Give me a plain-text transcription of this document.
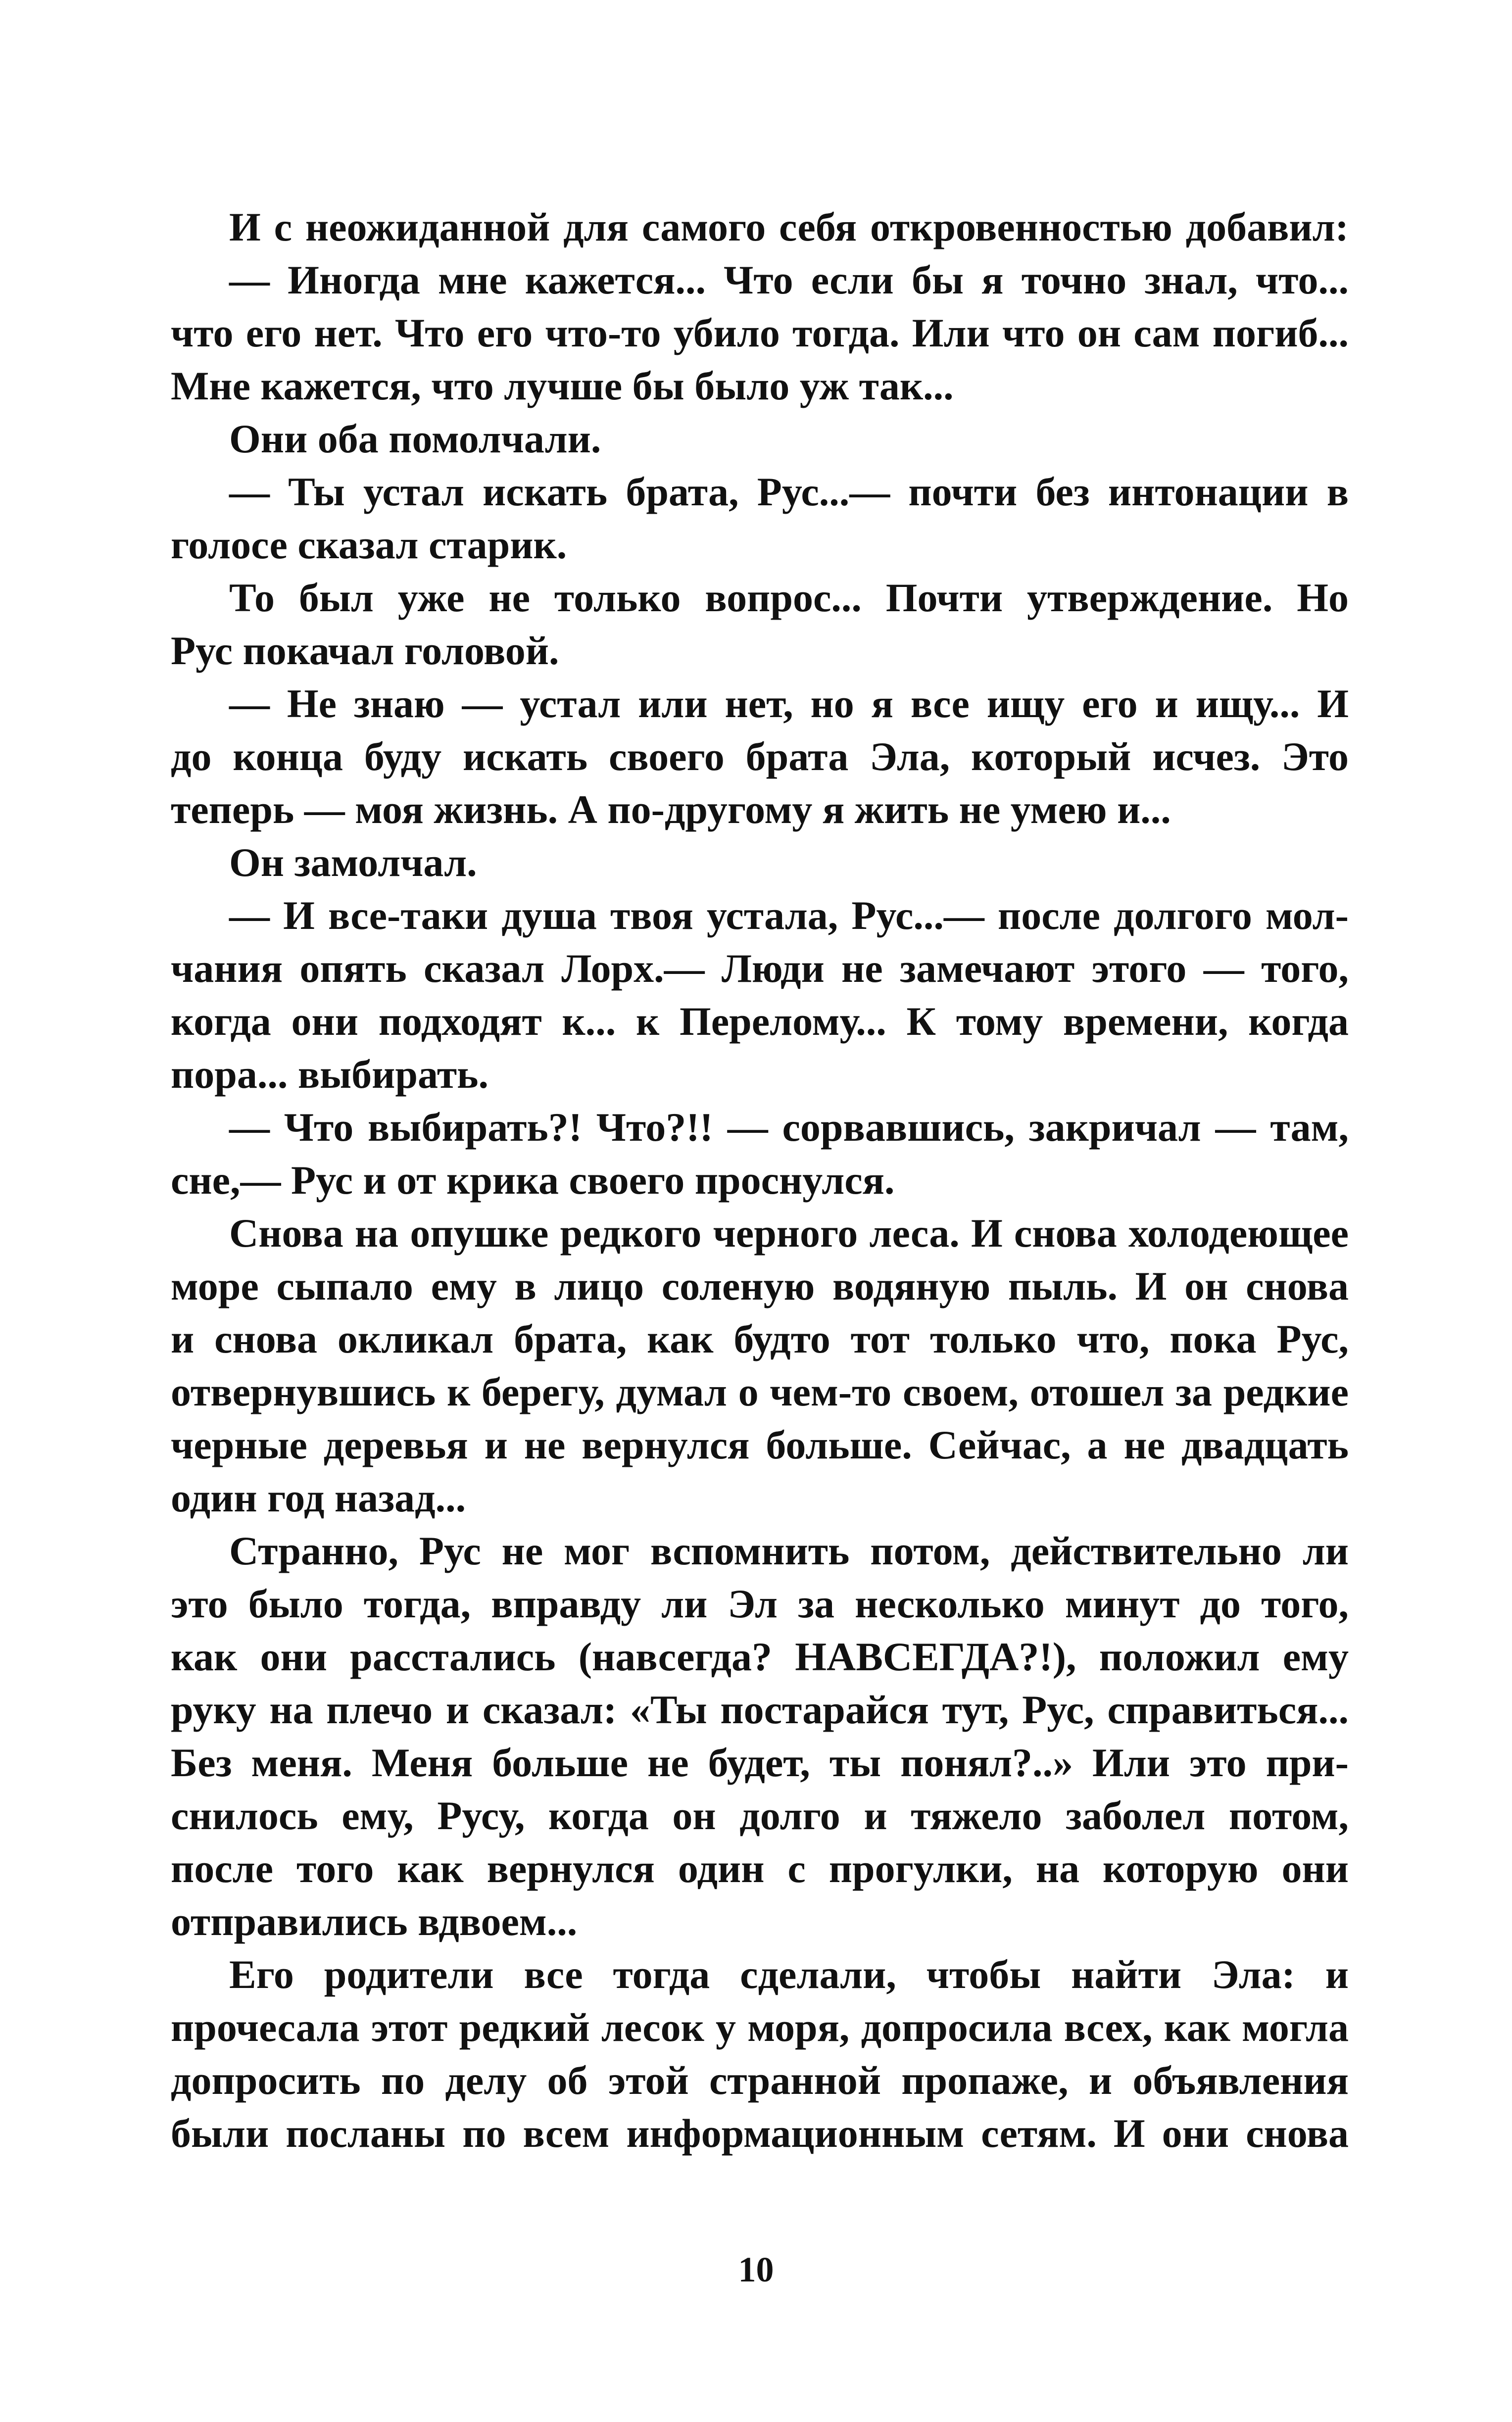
И с неожиданной для самого себя откровенностью добавил:
— Иногда мне кажется... Что если бы я точно знал, что...
что его нет. Что его что-то убило тогда. Или что он сам погиб...
Мне кажется, что лучше бы было уж так...
Они оба помолчали.
— Ты устал искать брата, Рус...— почти без интонации в
голосе сказал старик.
То был уже не только вопрос... Почти утверждение. Но
Рус покачал головой.
— Не знаю — устал или нет, но я все ищу его и ищу... И
до конца буду искать своего брата Эла, который исчез. Это
теперь — моя жизнь. А по-другому я жить не умею и...
Он замолчал.
— И все-таки душа твоя устала, Рус...— после долгого мол-
чания опять сказал Лорх.— Люди не замечают этого — того,
когда они подходят к... к Перелому... К тому времени, когда
пора... выбирать.
— Что выбирать?! Что?!! — сорвавшись, закричал — там,
сне,— Рус и от крика своего проснулся.
Снова на опушке редкого черного леса. И снова холодеющее
море сыпало ему в лицо соленую водяную пыль. И он снова
и снова окликал брата, как будто тот только что, пока Рус,
отвернувшись к берегу, думал о чем-то своем, отошел за редкие
черные деревья и не вернулся больше. Сейчас, а не двадцать
один год назад...
Странно, Рус не мог вспомнить потом, действительно ли
это было тогда, вправду ли Эл за несколько минут до того,
как они расстались (навсегда? НАВСЕГДА?!), положил ему
руку на плечо и сказал: «Ты постарайся тут, Рус, справиться...
Без меня. Меня больше не будет, ты понял?..» Или это при-
снилось ему, Русу, когда он долго и тяжело заболел потом,
после того как вернулся один с прогулки, на которую они
отправились вдвоем...
Его родители все тогда сделали, чтобы найти Эла: и
прочесала этот редкий лесок у моря, допросила всех, как могла
допросить по делу об этой странной пропаже, и объявления
были посланы по всем информационным сетям. И они снова
10
